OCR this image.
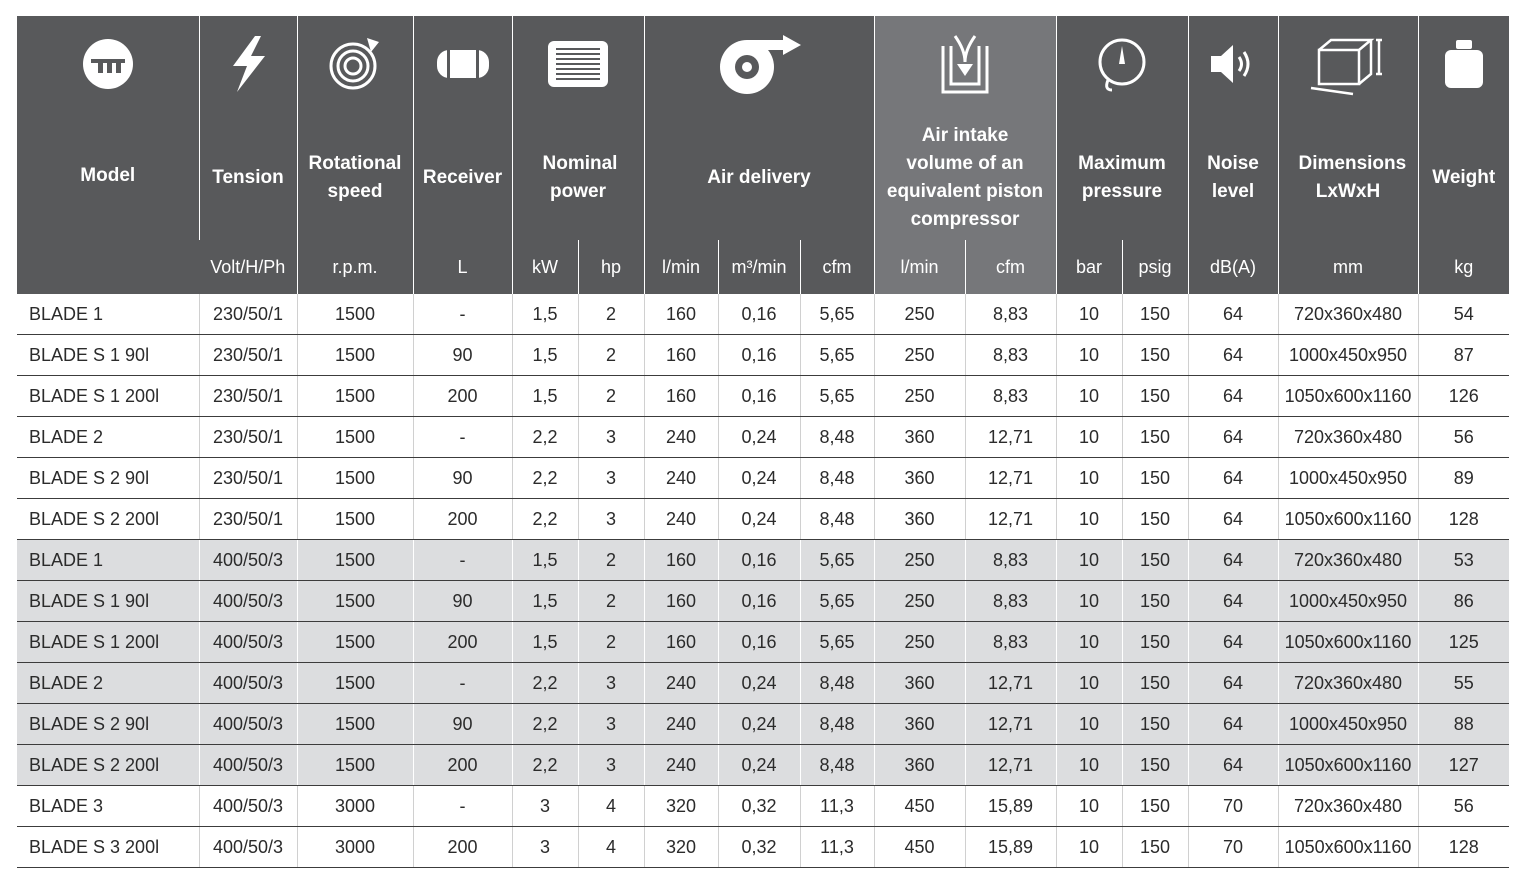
Model	Tension	Rotational speed	Receiver	Nominal power		Air delivery			Air intake volume of an equivalent piston compressor		Maximum pressure		Noise level	Dimensions LxWxH	Weight

	Volt/H/Ph	r.p.m.	L	kW	hp	l/min	m³/min	cfm	l/min	cfm	bar	psig	dB(A)	mm	kg
BLADE 1	230/50/1	1500	-	1,5	2	160	0,16	5,65	250	8,83	10	150	64	720x360x480	54
BLADE S 1 90l	230/50/1	1500	90	1,5	2	160	0,16	5,65	250	8,83	10	150	64	1000x450x950	87
BLADE S 1 200l	230/50/1	1500	200	1,5	2	160	0,16	5,65	250	8,83	10	150	64	1050x600x1160	126
BLADE 2	230/50/1	1500	-	2,2	3	240	0,24	8,48	360	12,71	10	150	64	720x360x480	56
BLADE S 2 90l	230/50/1	1500	90	2,2	3	240	0,24	8,48	360	12,71	10	150	64	1000x450x950	89
BLADE S 2 200l	230/50/1	1500	200	2,2	3	240	0,24	8,48	360	12,71	10	150	64	1050x600x1160	128
BLADE 1	400/50/3	1500	-	1,5	2	160	0,16	5,65	250	8,83	10	150	64	720x360x480	53
BLADE S 1 90l	400/50/3	1500	90	1,5	2	160	0,16	5,65	250	8,83	10	150	64	1000x450x950	86
BLADE S 1 200l	400/50/3	1500	200	1,5	2	160	0,16	5,65	250	8,83	10	150	64	1050x600x1160	125
BLADE 2	400/50/3	1500	-	2,2	3	240	0,24	8,48	360	12,71	10	150	64	720x360x480	55
BLADE S 2 90l	400/50/3	1500	90	2,2	3	240	0,24	8,48	360	12,71	10	150	64	1000x450x950	88
BLADE S 2 200l	400/50/3	1500	200	2,2	3	240	0,24	8,48	360	12,71	10	150	64	1050x600x1160	127
BLADE 3	400/50/3	3000	-	3	4	320	0,32	11,3	450	15,89	10	150	70	720x360x480	56
BLADE S 3 200l	400/50/3	3000	200	3	4	320	0,32	11,3	450	15,89	10	150	70	1050x600x1160	128
